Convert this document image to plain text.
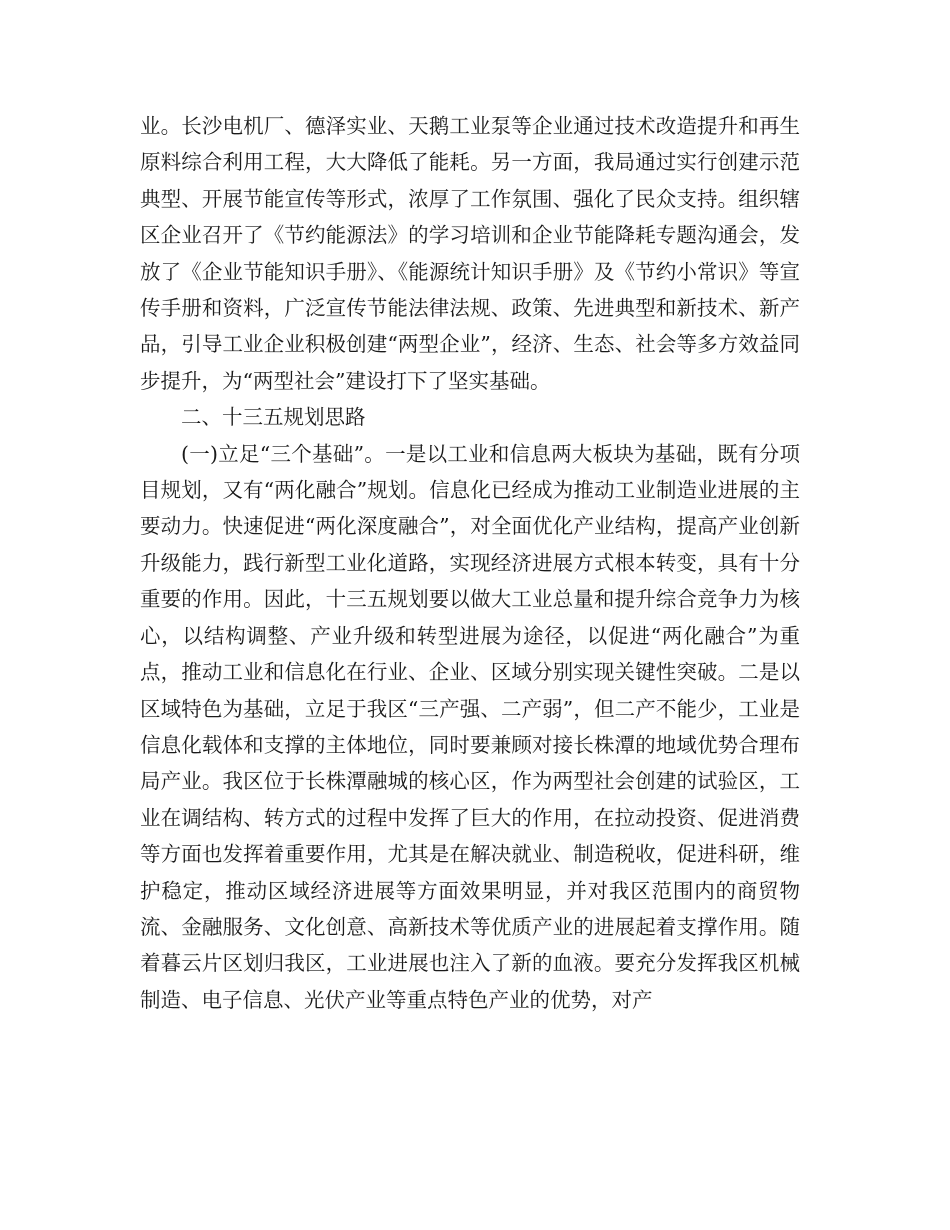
业。长沙电机厂、德泽实业、天鹅工业泵等企业通过技术改造提升和再生原料综合利用工程，大大降低了能耗。另一方面，我局通过实行创建示范典型、开展节能宣传等形式，浓厚了工作氛围、强化了民众支持。组织辖区企业召开了《节约能源法》的学习培训和企业节能降耗专题沟通会，发放了《企业节能知识手册》、《能源统计知识手册》及《节约小常识》等宣传手册和资料，广泛宣传节能法律法规、政策、先进典型和新技术、新产品，引导工业企业积极创建“两型企业”，经济、生态、社会等多方效益同步提升，为“两型社会”建设打下了坚实基础。

二、十三五规划思路

(一)立足“三个基础”。一是以工业和信息两大板块为基础，既有分项目规划，又有“两化融合”规划。信息化已经成为推动工业制造业进展的主要动力。快速促进“两化深度融合”，对全面优化产业结构，提高产业创新升级能力，践行新型工业化道路，实现经济进展方式根本转变，具有十分重要的作用。因此，十三五规划要以做大工业总量和提升综合竞争力为核心，以结构调整、产业升级和转型进展为途径，以促进“两化融合”为重点，推动工业和信息化在行业、企业、区域分别实现关键性突破。二是以区域特色为基础，立足于我区“三产强、二产弱”，但二产不能少，工业是信息化载体和支撑的主体地位，同时要兼顾对接长株潭的地域优势合理布局产业。我区位于长株潭融城的核心区，作为两型社会创建的试验区，工业在调结构、转方式的过程中发挥了巨大的作用，在拉动投资、促进消费等方面也发挥着重要作用，尤其是在解决就业、制造税收，促进科研，维护稳定，推动区域经济进展等方面效果明显，并对我区范围内的商贸物流、金融服务、文化创意、高新技术等优质产业的进展起着支撑作用。随着暮云片区划归我区，工业进展也注入了新的血液。要充分发挥我区机械制造、电子信息、光伏产业等重点特色产业的优势，对产
